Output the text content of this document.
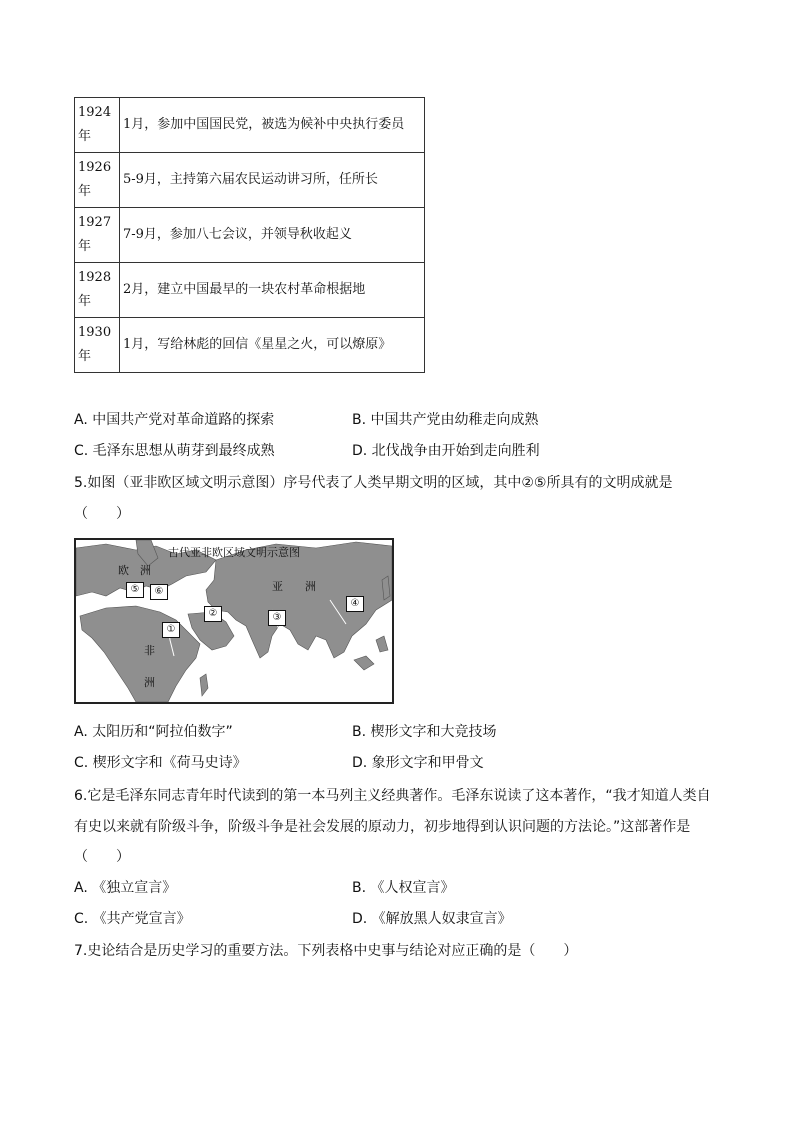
1924 年	1月，参加中国国民党，被选为候补中央执行委员
1926 年	5-9月，主持第六届农民运动讲习所，任所长
1927 年	7-9月，参加八七会议，并领导秋收起义
1928 年	2月，建立中国最早的一块农村革命根据地
1930 年	1月，写给林彪的回信《星星之火，可以燎原》
A. 中国共产党对革命道路的探索	B. 中国共产党由幼稚走向成熟
C. 毛泽东思想从萌芽到最终成熟	D. 北伐战争由开始到走向胜利
5.如图（亚非欧区域文明示意图）序号代表了人类早期文明的区域，其中②⑤所具有的文明成就是
（　　）
古代亚非欧区域文明示意图
欧　洲
亚　　洲
非
洲
①
②	③
④
⑤	⑥
A. 太阳历和“阿拉伯数字”	B. 楔形文字和大竞技场
C. 楔形文字和《荷马史诗》	D. 象形文字和甲骨文
6.它是毛泽东同志青年时代读到的第一本马列主义经典著作。毛泽东说读了这本著作，“我才知道人类自
有史以来就有阶级斗争，阶级斗争是社会发展的原动力，初步地得到认识问题的方法论。”这部著作是
（　　）
A. 《独立宣言》	B. 《人权宣言》
C. 《共产党宣言》	D. 《解放黑人奴隶宣言》
7.史论结合是历史学习的重要方法。下列表格中史事与结论对应正确的是（　　）
